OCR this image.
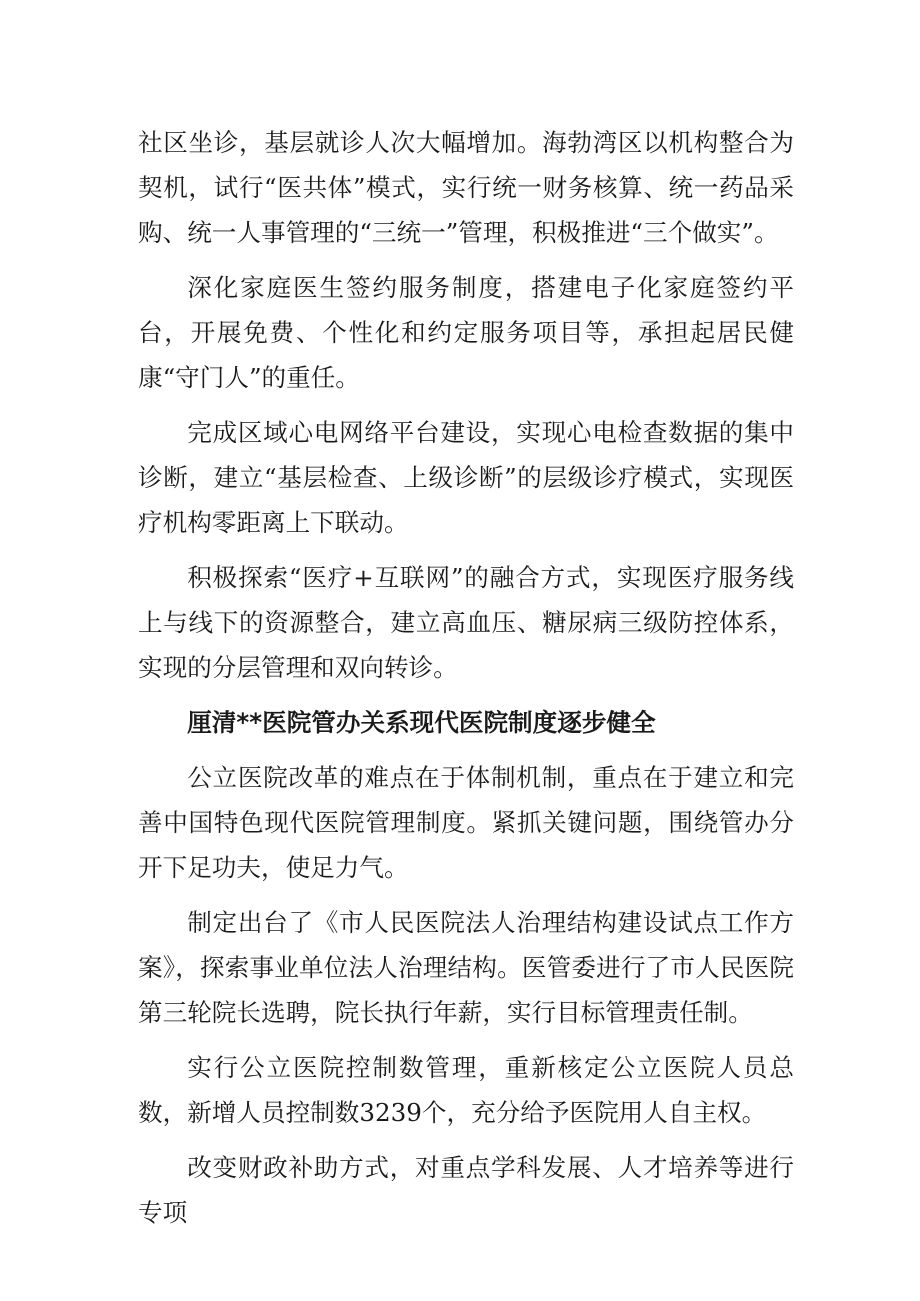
社区坐诊，基层就诊人次大幅增加。海勃湾区以机构整合为契机，试行“医共体”模式，实行统一财务核算、统一药品采购、统一人事管理的“三统一”管理，积极推进“三个做实”。

深化家庭医生签约服务制度，搭建电子化家庭签约平台，开展免费、个性化和约定服务项目等，承担起居民健康“守门人”的重任。

完成区域心电网络平台建设，实现心电检查数据的集中诊断，建立“基层检查、上级诊断”的层级诊疗模式，实现医疗机构零距离上下联动。

积极探索“医疗+互联网”的融合方式，实现医疗服务线上与线下的资源整合，建立高血压、糖尿病三级防控体系，实现的分层管理和双向转诊。

厘清**医院管办关系现代医院制度逐步健全

公立医院改革的难点在于体制机制，重点在于建立和完善中国特色现代医院管理制度。紧抓关键问题，围绕管办分开下足功夫，使足力气。

制定出台了《市人民医院法人治理结构建设试点工作方案》，探索事业单位法人治理结构。医管委进行了市人民医院第三轮院长选聘，院长执行年薪，实行目标管理责任制。

实行公立医院控制数管理，重新核定公立医院人员总数，新增人员控制数3239个，充分给予医院用人自主权。

改变财政补助方式，对重点学科发展、人才培养等进行专项
